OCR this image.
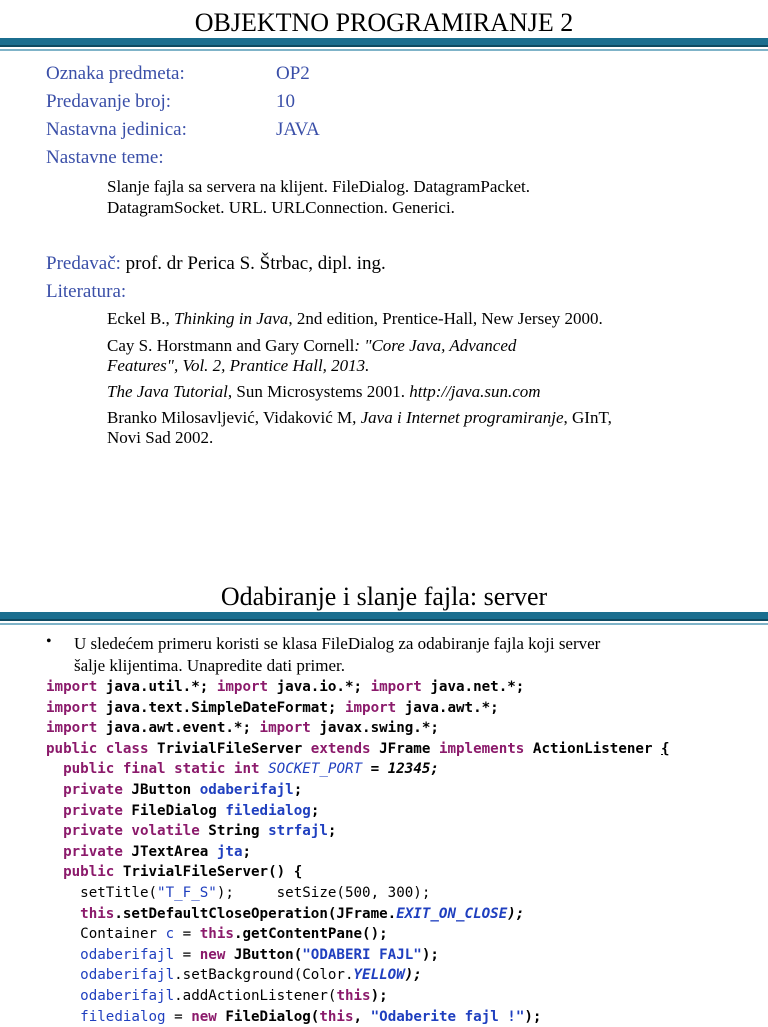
OBJEKTNO PROGRAMIRANJE 2
Oznaka predmeta:	OP2
Predavanje broj:	10
Nastavna jedinica:	JAVA
Nastavne teme:
Slanje fajla sa servera na klijent. FileDialog. DatagramPacket.
DatagramSocket. URL. URLConnection. Generici.
Predavač: prof. dr Perica S. Štrbac, dipl. ing.
Literatura:
Eckel B., Thinking in Java, 2nd edition, Prentice-Hall, New Jersey 2000.
Cay S. Horstmann and Gary Cornell: "Core Java, Advanced
Features", Vol. 2, Prantice Hall, 2013.
The Java Tutorial, Sun Microsystems 2001. http://java.sun.com
Branko Milosavljević, Vidaković M, Java i Internet programiranje, GInT,
Novi Sad 2002.
Odabiranje i slanje fajla: server
• U sledećem primeru koristi se klasa FileDialog za odabiranje fajla koji server
šalje klijentima. Unapredite dati primer.
import java.util.*; import java.io.*; import java.net.*;
import java.text.SimpleDateFormat; import java.awt.*;
import java.awt.event.*; import javax.swing.*;
public class TrivialFileServer extends JFrame implements ActionListener {
public final static int SOCKET_PORT = 12345;
private JButton odaberifajl;
private FileDialog filedialog;
private volatile String strfajl;
private JTextArea jta;
public TrivialFileServer() {
setTitle("T_F_S");     setSize(500, 300);
this.setDefaultCloseOperation(JFrame.EXIT_ON_CLOSE);
Container c = this.getContentPane();
odaberifajl = new JButton("ODABERI FAJL");
odaberifajl.setBackground(Color.YELLOW);
odaberifajl.addActionListener(this);
filedialog = new FileDialog(this, "Odaberite fajl !");
